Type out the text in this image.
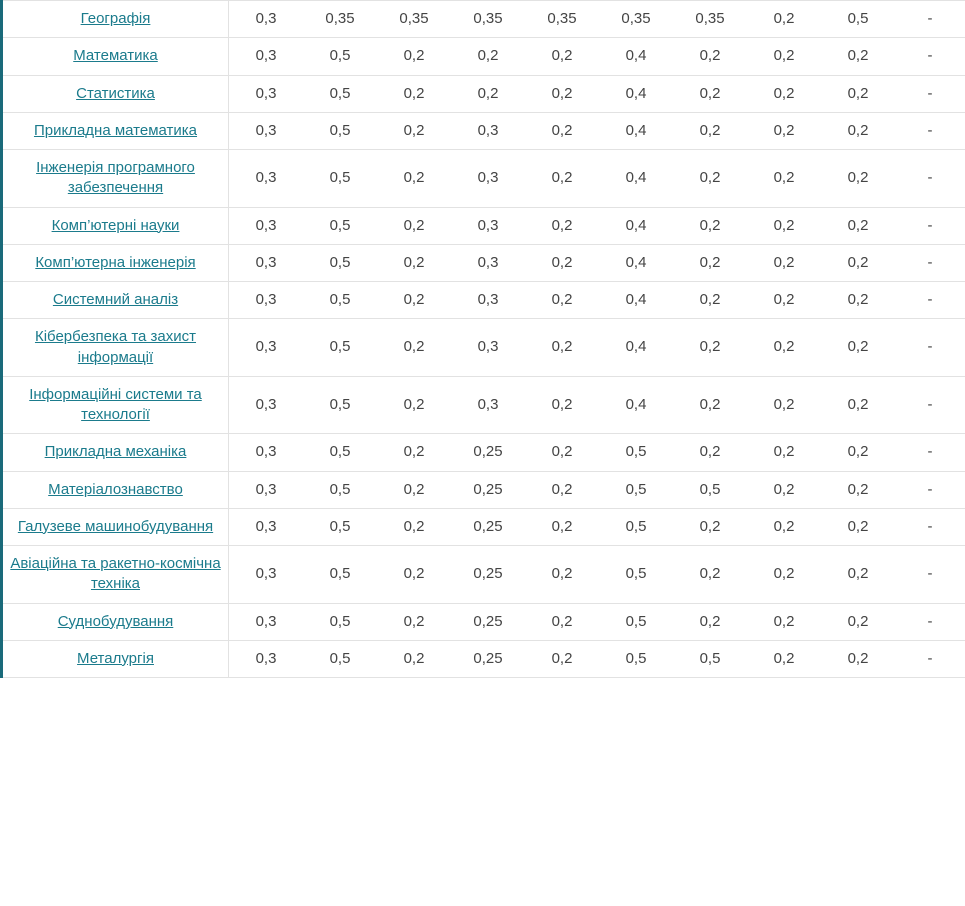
Географія	0,3	0,35	0,35	0,35	0,35	0,35	0,35	0,2	0,5	-
Математика	0,3	0,5	0,2	0,2	0,2	0,4	0,2	0,2	0,2	-
Статистика	0,3	0,5	0,2	0,2	0,2	0,4	0,2	0,2	0,2	-
Прикладна математика	0,3	0,5	0,2	0,3	0,2	0,4	0,2	0,2	0,2	-
Інженерія програмного забезпечення	0,3	0,5	0,2	0,3	0,2	0,4	0,2	0,2	0,2	-
Комп’ютерні науки	0,3	0,5	0,2	0,3	0,2	0,4	0,2	0,2	0,2	-
Комп’ютерна інженерія	0,3	0,5	0,2	0,3	0,2	0,4	0,2	0,2	0,2	-
Системний аналіз	0,3	0,5	0,2	0,3	0,2	0,4	0,2	0,2	0,2	-
Кібербезпека та захист інформації	0,3	0,5	0,2	0,3	0,2	0,4	0,2	0,2	0,2	-
Інформаційні системи та технології	0,3	0,5	0,2	0,3	0,2	0,4	0,2	0,2	0,2	-
Прикладна механіка	0,3	0,5	0,2	0,25	0,2	0,5	0,2	0,2	0,2	-
Матеріалознавство	0,3	0,5	0,2	0,25	0,2	0,5	0,5	0,2	0,2	-
Галузеве машинобудування	0,3	0,5	0,2	0,25	0,2	0,5	0,2	0,2	0,2	-
Авіаційна та ракетно-космічна техніка	0,3	0,5	0,2	0,25	0,2	0,5	0,2	0,2	0,2	-
Суднобудування	0,3	0,5	0,2	0,25	0,2	0,5	0,2	0,2	0,2	-
Металургія	0,3	0,5	0,2	0,25	0,2	0,5	0,5	0,2	0,2	-
